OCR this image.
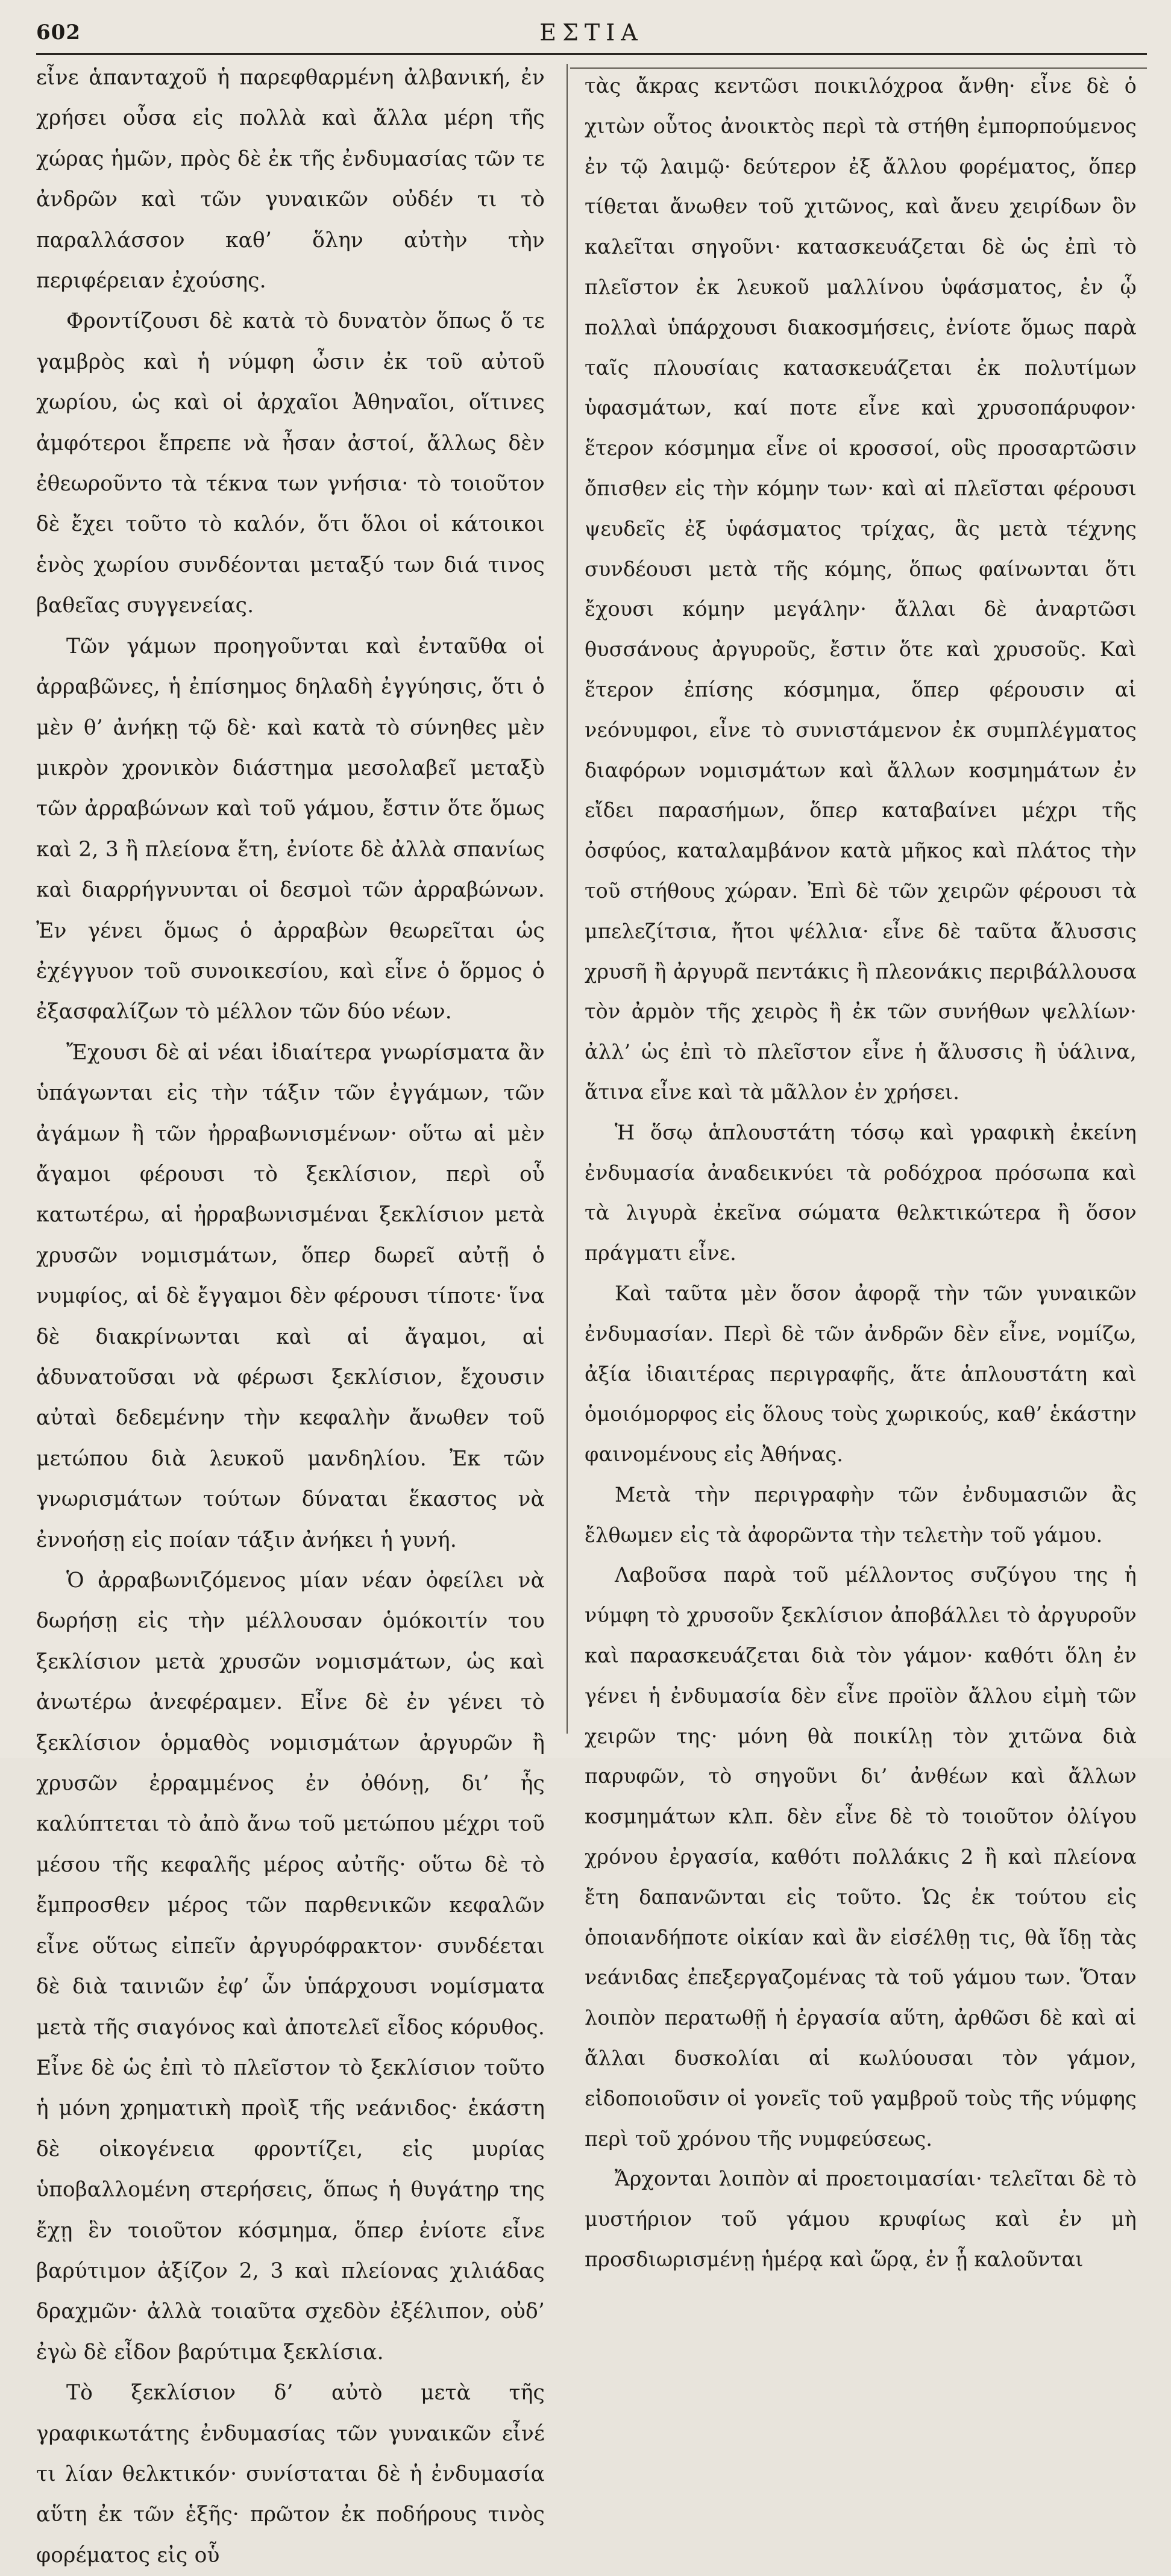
602	ΕΣΤΙΑ

εἶνε ἁπανταχοῦ ἡ παρεφθαρμένη ἀλβανική, ἐν χρήσει οὖσα εἰς πολλὰ καὶ ἄλλα μέρη τῆς χώρας ἡμῶν, πρὸς δὲ ἐκ τῆς ἐνδυμασίας τῶν τε ἀνδρῶν καὶ τῶν γυναικῶν οὐδέν τι τὸ παραλλάσσον καθ’ ὅλην αὐτὴν τὴν περιφέρειαν ἐχούσης.

Φροντίζουσι δὲ κατὰ τὸ δυνατὸν ὅπως ὅ τε γαμβρὸς καὶ ἡ νύμφη ὦσιν ἐκ τοῦ αὐτοῦ χωρίου, ὡς καὶ οἱ ἀρχαῖοι Ἀθηναῖοι, οἵτινες ἀμφότεροι ἔπρεπε νὰ ἦσαν ἀστοί, ἄλλως δὲν ἐθεωροῦντο τὰ τέκνα των γνήσια· τὸ τοιοῦτον δὲ ἔχει τοῦτο τὸ καλόν, ὅτι ὅλοι οἱ κάτοικοι ἑνὸς χωρίου συνδέονται μεταξύ των διά τινος βαθεῖας συγγενείας.

Τῶν γάμων προηγοῦνται καὶ ἐνταῦθα οἱ ἀρραβῶνες, ἡ ἐπίσημος δηλαδὴ ἐγγύησις, ὅτι ὁ μὲν θ’ ἀνήκῃ τῷ δὲ· καὶ κατὰ τὸ σύνηθες μὲν μικρὸν χρονικὸν διάστημα μεσολαβεῖ μεταξὺ τῶν ἀρραβώνων καὶ τοῦ γάμου, ἔστιν ὅτε ὅμως καὶ 2, 3 ἢ πλείονα ἔτη, ἐνίοτε δὲ ἀλλὰ σπανίως καὶ διαρρήγνυνται οἱ δεσμοὶ τῶν ἀρραβώνων. Ἐν γένει ὅμως ὁ ἀρραβὼν θεωρεῖται ὡς ἐχέγγυον τοῦ συνοικεσίου, καὶ εἶνε ὁ ὅρμος ὁ ἐξασφαλίζων τὸ μέλλον τῶν δύο νέων.

Ἔχουσι δὲ αἱ νέαι ἰδιαίτερα γνωρίσματα ἂν ὑπάγωνται εἰς τὴν τάξιν τῶν ἐγγάμων, τῶν ἀγάμων ἢ τῶν ἠρραβωνισμένων· οὕτω αἱ μὲν ἄγαμοι φέρουσι τὸ ξεκλίσιον, περὶ οὗ κατωτέρω, αἱ ἠρραβωνισμέναι ξεκλίσιον μετὰ χρυσῶν νομισμάτων, ὅπερ δωρεῖ αὐτῇ ὁ νυμφίος, αἱ δὲ ἔγγαμοι δὲν φέρουσι τίποτε· ἵνα δὲ διακρίνωνται καὶ αἱ ἄγαμοι, αἱ ἀδυνατοῦσαι νὰ φέρωσι ξεκλίσιον, ἔχουσιν αὐταὶ δεδεμένην τὴν κεφαλὴν ἄνωθεν τοῦ μετώπου διὰ λευκοῦ μανδηλίου. Ἐκ τῶν γνωρισμάτων τούτων δύναται ἕκαστος νὰ ἐννοήσῃ εἰς ποίαν τάξιν ἀνήκει ἡ γυνή.

Ὁ ἀρραβωνιζόμενος μίαν νέαν ὀφείλει νὰ δωρήσῃ εἰς τὴν μέλλουσαν ὁμόκοιτίν του ξεκλίσιον μετὰ χρυσῶν νομισμάτων, ὡς καὶ ἀνωτέρω ἀνεφέραμεν. Εἶνε δὲ ἐν γένει τὸ ξεκλίσιον ὁρμαθὸς νομισμάτων ἀργυρῶν ἢ χρυσῶν ἐρραμμένος ἐν ὀθόνῃ, δι’ ἧς καλύπτεται τὸ ἀπὸ ἄνω τοῦ μετώπου μέχρι τοῦ μέσου τῆς κεφαλῆς μέρος αὐτῆς· οὕτω δὲ τὸ ἔμπροσθεν μέρος τῶν παρθενικῶν κεφαλῶν εἶνε οὕτως εἰπεῖν ἀργυρόφρακτον· συνδέεται δὲ διὰ ταινιῶν ἐφ’ ὧν ὑπάρχουσι νομίσματα μετὰ τῆς σιαγόνος καὶ ἀποτελεῖ εἶδος κόρυθος. Εἶνε δὲ ὡς ἐπὶ τὸ πλεῖστον τὸ ξεκλίσιον τοῦτο ἡ μόνη χρηματικὴ προὶξ τῆς νεάνιδος· ἑκάστη δὲ οἰκογένεια φροντίζει, εἰς μυρίας ὑποβαλλομένη στερήσεις, ὅπως ἡ θυγάτηρ της ἔχῃ ἓν τοιοῦτον κόσμημα, ὅπερ ἐνίοτε εἶνε βαρύτιμον ἀξίζον 2, 3 καὶ πλείονας χιλιάδας δραχμῶν· ἀλλὰ τοιαῦτα σχεδὸν ἐξέλιπον, οὐδ’ ἐγὼ δὲ εἶδον βαρύτιμα ξεκλίσια.

Τὸ ξεκλίσιον δ’ αὐτὸ μετὰ τῆς γραφικωτάτης ἐνδυμασίας τῶν γυναικῶν εἶνέ τι λίαν θελκτικόν· συνίσταται δὲ ἡ ἐνδυμασία αὕτη ἐκ τῶν ἑξῆς· πρῶτον ἐκ ποδήρους τινὸς φορέματος εἰς οὗ

τὰς ἄκρας κεντῶσι ποικιλόχροα ἄνθη· εἶνε δὲ ὁ χιτὼν οὗτος ἀνοικτὸς περὶ τὰ στήθη ἐμπορπούμενος ἐν τῷ λαιμῷ· δεύτερον ἐξ ἄλλου φορέματος, ὅπερ τίθεται ἄνωθεν τοῦ χιτῶνος, καὶ ἄνευ χειρίδων ὃν καλεῖται σηγοῦνι· κατασκευάζεται δὲ ὡς ἐπὶ τὸ πλεῖστον ἐκ λευκοῦ μαλλίνου ὑφάσματος, ἐν ᾧ πολλαὶ ὑπάρχουσι διακοσμήσεις, ἐνίοτε ὅμως παρὰ ταῖς πλουσίαις κατασκευάζεται ἐκ πολυτίμων ὑφασμάτων, καί ποτε εἶνε καὶ χρυσοπάρυφον· ἕτερον κόσμημα εἶνε οἱ κροσσοί, οὓς προσαρτῶσιν ὄπισθεν εἰς τὴν κόμην των· καὶ αἱ πλεῖσται φέρουσι ψευδεῖς ἐξ ὑφάσματος τρίχας, ἃς μετὰ τέχνης συνδέουσι μετὰ τῆς κόμης, ὅπως φαίνωνται ὅτι ἔχουσι κόμην μεγάλην· ἄλλαι δὲ ἀναρτῶσι θυσσάνους ἀργυροῦς, ἔστιν ὅτε καὶ χρυσοῦς. Καὶ ἕτερον ἐπίσης κόσμημα, ὅπερ φέρουσιν αἱ νεόνυμφοι, εἶνε τὸ συνιστάμενον ἐκ συμπλέγματος διαφόρων νομισμάτων καὶ ἄλλων κοσμημάτων ἐν εἴδει παρασήμων, ὅπερ καταβαίνει μέχρι τῆς ὀσφύος, καταλαμβάνον κατὰ μῆκος καὶ πλάτος τὴν τοῦ στήθους χώραν. Ἐπὶ δὲ τῶν χειρῶν φέρουσι τὰ μπελεζίτσια, ἤτοι ψέλλια· εἶνε δὲ ταῦτα ἄλυσσις χρυσῆ ἢ ἀργυρᾶ πεντάκις ἢ πλεονάκις περιβάλλουσα τὸν ἀρμὸν τῆς χειρὸς ἢ ἐκ τῶν συνήθων ψελλίων· ἀλλ’ ὡς ἐπὶ τὸ πλεῖστον εἶνε ἡ ἄλυσσις ἢ ὑάλινα, ἅτινα εἶνε καὶ τὰ μᾶλλον ἐν χρήσει.

Ἡ ὅσῳ ἁπλουστάτη τόσῳ καὶ γραφικὴ ἐκείνη ἐνδυμασία ἀναδεικνύει τὰ ροδόχροα πρόσωπα καὶ τὰ λιγυρὰ ἐκεῖνα σώματα θελκτικώτερα ἢ ὅσον πράγματι εἶνε.

Καὶ ταῦτα μὲν ὅσον ἀφορᾷ τὴν τῶν γυναικῶν ἐνδυμασίαν. Περὶ δὲ τῶν ἀνδρῶν δὲν εἶνε, νομίζω, ἀξία ἰδιαιτέρας περιγραφῆς, ἅτε ἁπλουστάτη καὶ ὁμοιόμορφος εἰς ὅλους τοὺς χωρικούς, καθ’ ἑκάστην φαινομένους εἰς Ἀθήνας.

Μετὰ τὴν περιγραφὴν τῶν ἐνδυμασιῶν ἂς ἔλθωμεν εἰς τὰ ἀφορῶντα τὴν τελετὴν τοῦ γάμου.

Λαβοῦσα παρὰ τοῦ μέλλοντος συζύγου της ἡ νύμφη τὸ χρυσοῦν ξεκλίσιον ἀποβάλλει τὸ ἀργυροῦν καὶ παρασκευάζεται διὰ τὸν γάμον· καθότι ὅλη ἐν γένει ἡ ἐνδυμασία δὲν εἶνε προϊὸν ἄλλου εἰμὴ τῶν χειρῶν της· μόνη θὰ ποικίλῃ τὸν χιτῶνα διὰ παρυφῶν, τὸ σηγοῦνι δι’ ἀνθέων καὶ ἄλλων κοσμημάτων κλπ. δὲν εἶνε δὲ τὸ τοιοῦτον ὀλίγου χρόνου ἐργασία, καθότι πολλάκις 2 ἢ καὶ πλείονα ἔτη δαπανῶνται εἰς τοῦτο. Ὡς ἐκ τούτου εἰς ὁποιανδήποτε οἰκίαν καὶ ἂν εἰσέλθῃ τις, θὰ ἴδῃ τὰς νεάνιδας ἐπεξεργαζομένας τὰ τοῦ γάμου των. Ὅταν λοιπὸν περατωθῇ ἡ ἐργασία αὕτη, ἀρθῶσι δὲ καὶ αἱ ἄλλαι δυσκολίαι αἱ κωλύουσαι τὸν γάμον, εἰδοποιοῦσιν οἱ γονεῖς τοῦ γαμβροῦ τοὺς τῆς νύμφης περὶ τοῦ χρόνου τῆς νυμφεύσεως.

Ἄρχονται λοιπὸν αἱ προετοιμασίαι· τελεῖται δὲ τὸ μυστήριον τοῦ γάμου κρυφίως καὶ ἐν μὴ προσδιωρισμένῃ ἡμέρᾳ καὶ ὥρᾳ, ἐν ᾗ καλοῦνται
